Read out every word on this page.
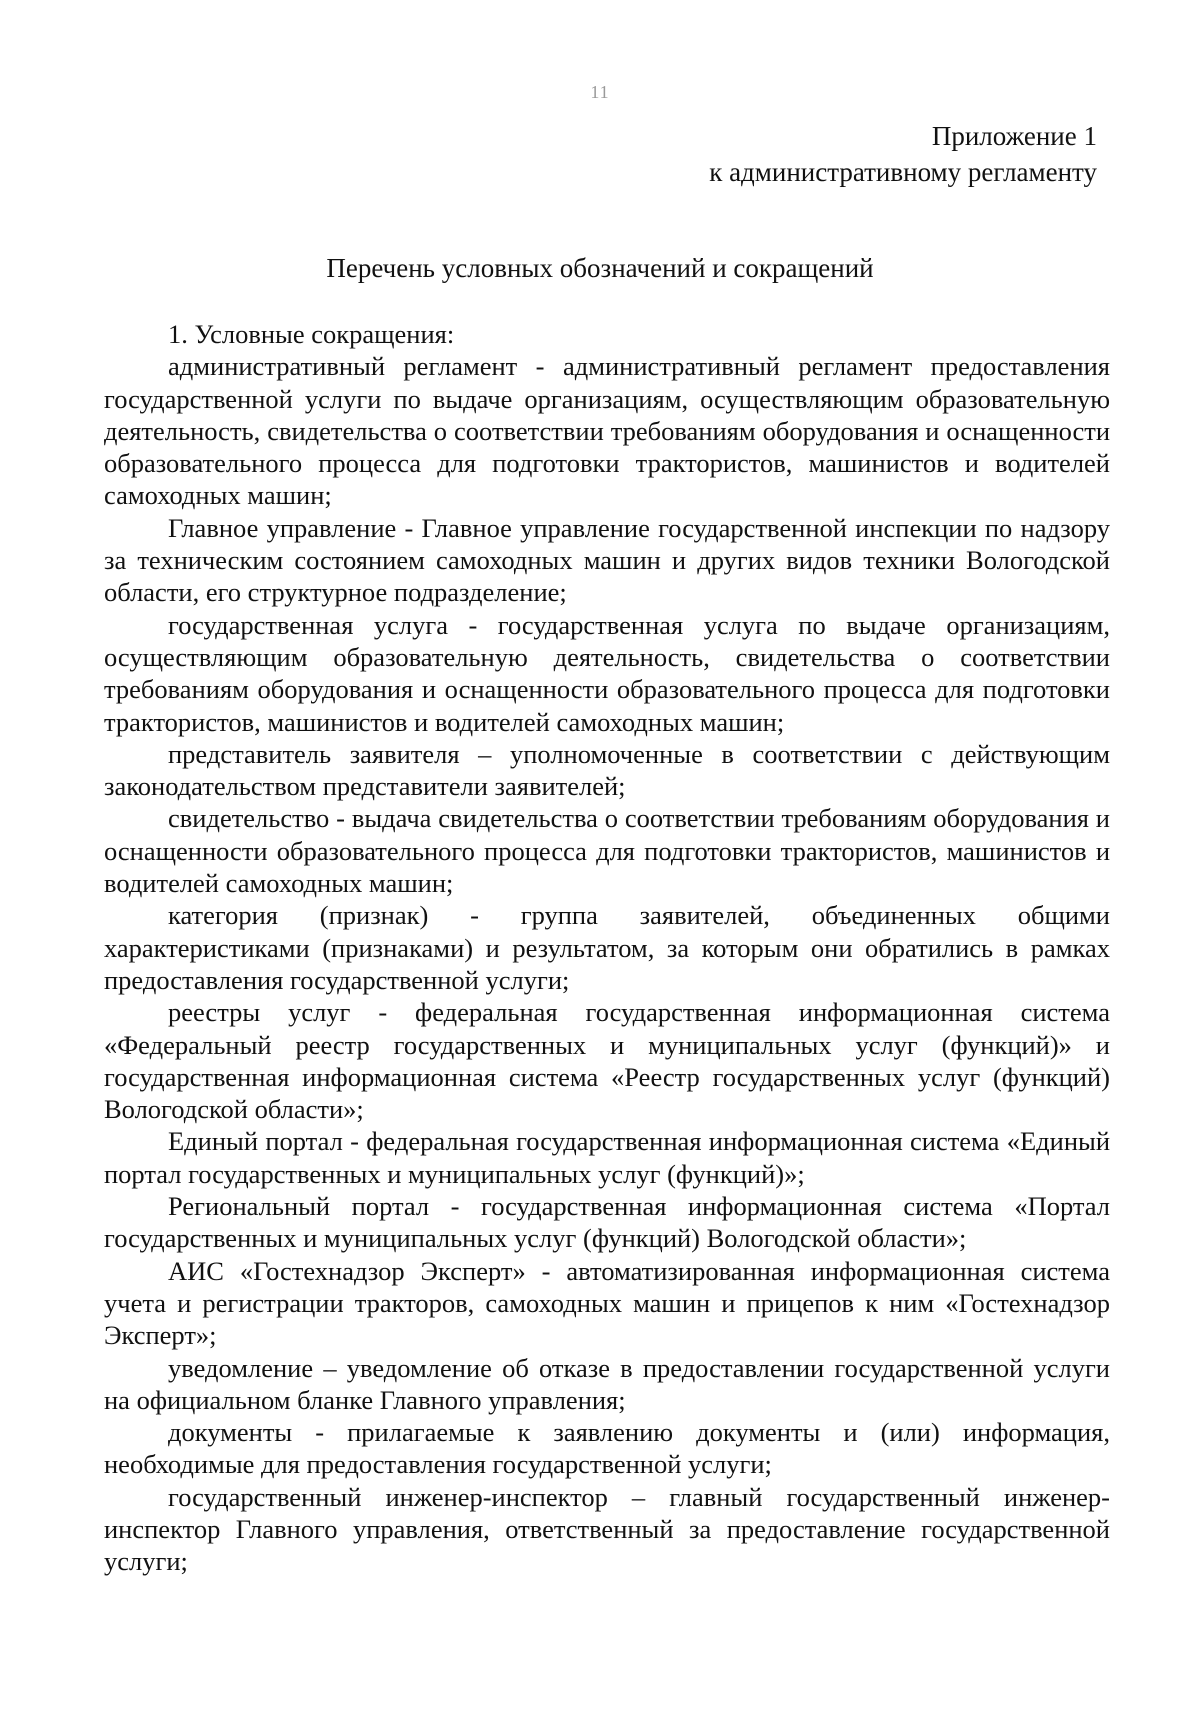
11
Приложение 1
к административному регламенту
Перечень условных обозначений и сокращений

1. Условные сокращения:

административный регламент - административный регламент предоставления государственной услуги по выдаче организациям, осуществляющим образовательную деятельность, свидетельства о соответствии требованиям оборудования и оснащенности образовательного процесса для подготовки трактористов, машинистов и водителей самоходных машин;

Главное управление - Главное управление государственной инспекции по надзору за техническим состоянием самоходных машин и других видов техники Вологодской области, его структурное подразделение;

государственная услуга - государственная услуга по выдаче организациям, осуществляющим образовательную деятельность, свидетельства о соответствии требованиям оборудования и оснащенности образовательного процесса для подготовки трактористов, машинистов и водителей самоходных машин;

представитель заявителя – уполномоченные в соответствии с действующим законодательством представители заявителей;

свидетельство - выдача свидетельства о соответствии требованиям оборудования и оснащенности образовательного процесса для подготовки трактористов, машинистов и водителей самоходных машин;

категория (признак) - группа заявителей, объединенных общими характеристиками (признаками) и результатом, за которым они обратились в рамках предоставления государственной услуги;

реестры услуг - федеральная государственная информационная система «Федеральный реестр государственных и муниципальных услуг (функций)» и государственная информационная система «Реестр государственных услуг (функций) Вологодской области»;

Единый портал - федеральная государственная информационная система «Единый портал государственных и муниципальных услуг (функций)»;

Региональный портал - государственная информационная система «Портал государственных и муниципальных услуг (функций) Вологодской области»;

АИС «Гостехнадзор Эксперт» - автоматизированная информационная система учета и регистрации тракторов, самоходных машин и прицепов к ним «Гостехнадзор Эксперт»;

уведомление – уведомление об отказе в предоставлении государственной услуги на официальном бланке Главного управления;

документы - прилагаемые к заявлению документы и (или) информация, необходимые для предоставления государственной услуги;

государственный инженер-инспектор – главный государственный инженер-инспектор Главного управления, ответственный за предоставление государственной услуги;
